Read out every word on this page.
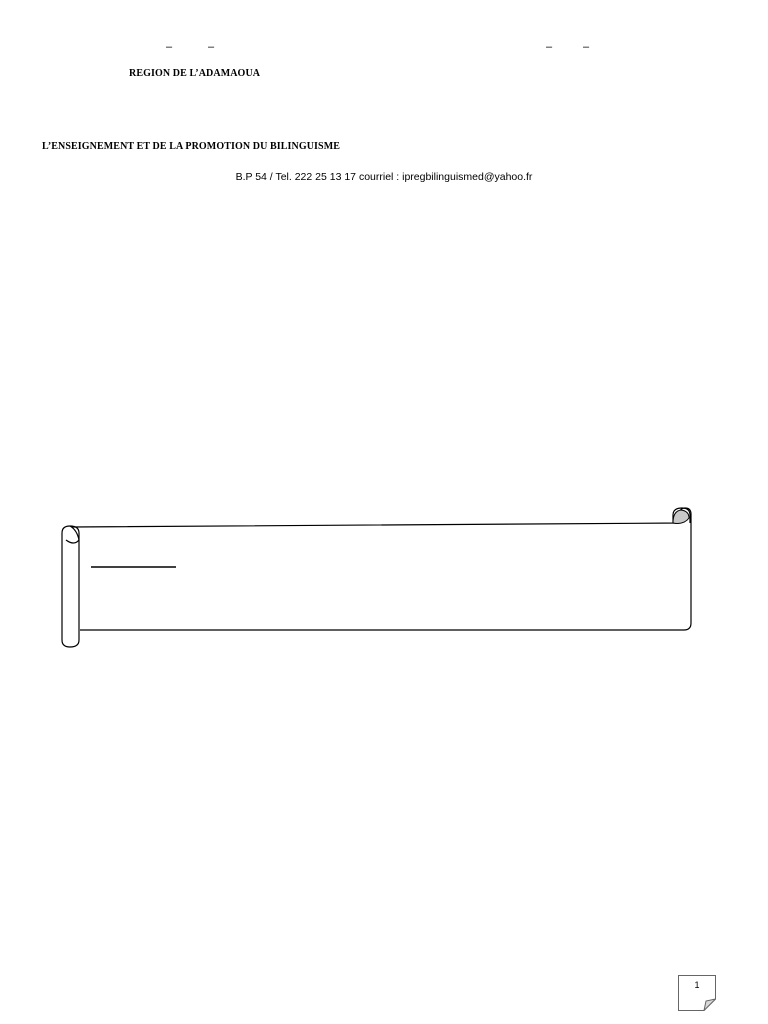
–	–	–	–
REGION DE L’ADAMAOUA
L’ENSEIGNEMENT ET DE LA PROMOTION DU BILINGUISME
B.P 54 / Tel. 222 25 13 17 courriel : ipregbilinguismed@yahoo.fr
1
